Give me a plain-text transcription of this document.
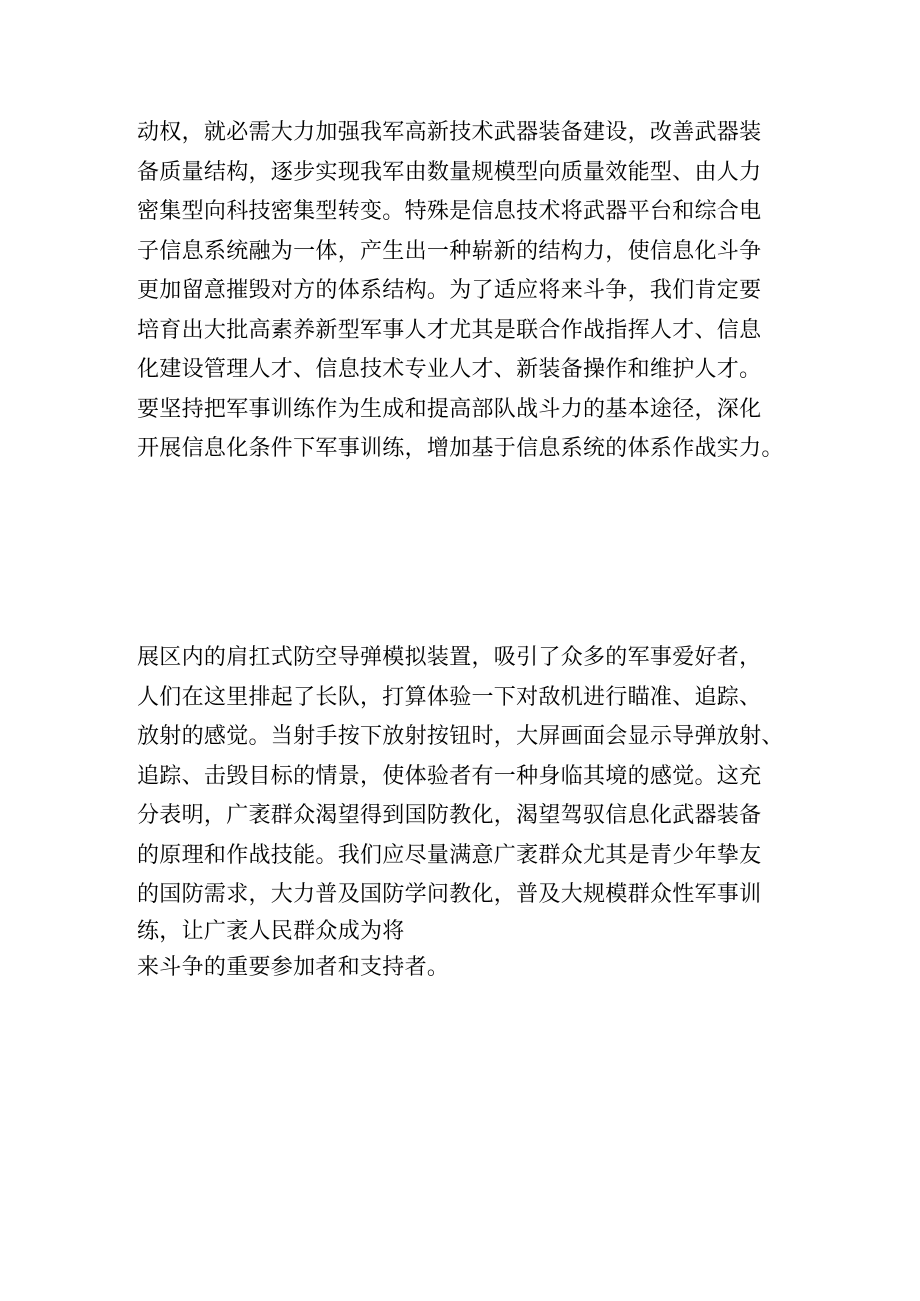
动权，就必需大力加强我军高新技术武器装备建设，改善武器装
备质量结构，逐步实现我军由数量规模型向质量效能型、由人力
密集型向科技密集型转变。特殊是信息技术将武器平台和综合电
子信息系统融为一体，产生出一种崭新的结构力，使信息化斗争
更加留意摧毁对方的体系结构。为了适应将来斗争，我们肯定要
培育出大批高素养新型军事人才尤其是联合作战指挥人才、信息
化建设管理人才、信息技术专业人才、新装备操作和维护人才。
要坚持把军事训练作为生成和提高部队战斗力的基本途径，深化
开展信息化条件下军事训练，增加基于信息系统的体系作战实力。
展区内的肩扛式防空导弹模拟装置，吸引了众多的军事爱好者，
人们在这里排起了长队，打算体验一下对敌机进行瞄准、追踪、
放射的感觉。当射手按下放射按钮时，大屏画面会显示导弹放射、
追踪、击毁目标的情景，使体验者有一种身临其境的感觉。这充
分表明，广袤群众渴望得到国防教化，渴望驾驭信息化武器装备
的原理和作战技能。我们应尽量满意广袤群众尤其是青少年挚友
的国防需求，大力普及国防学问教化，普及大规模群众性军事训
练，让广袤人民群众成为将
来斗争的重要参加者和支持者。
